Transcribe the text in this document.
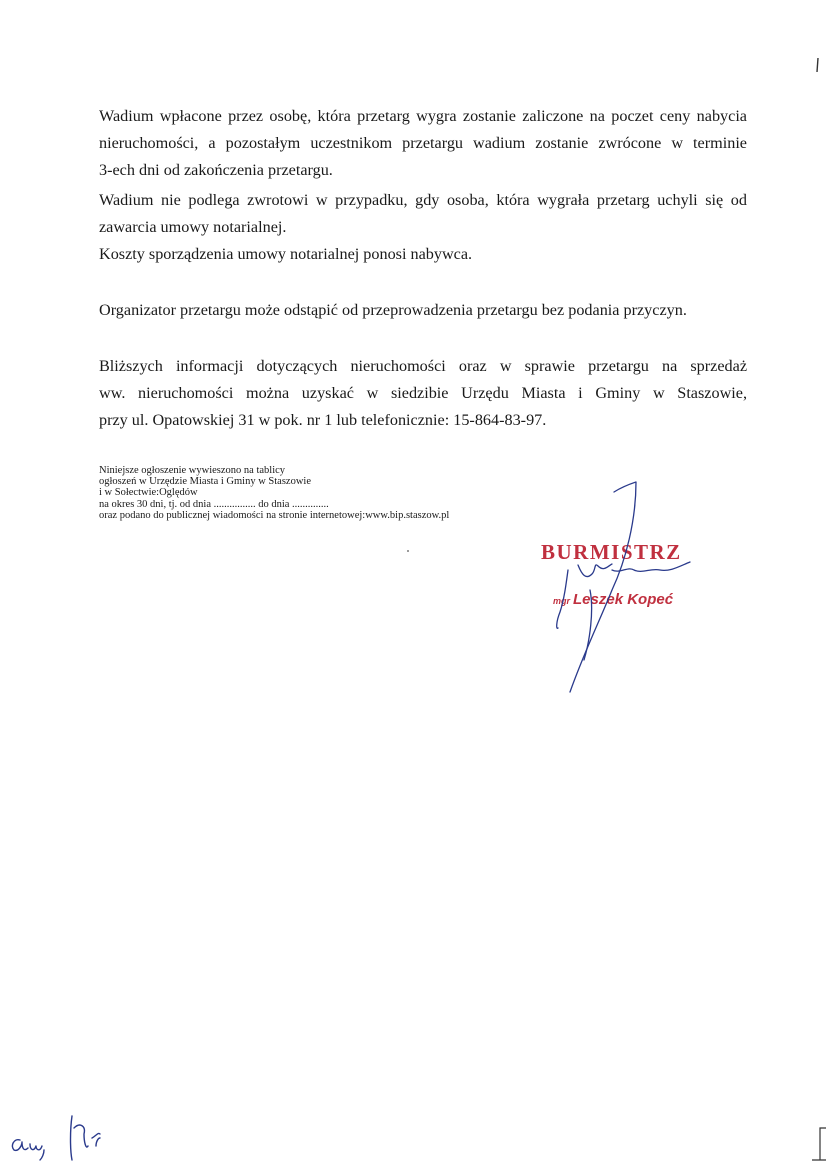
Wadium wpłacone przez osobę, która przetarg wygra zostanie zaliczone na poczet ceny nabycia
nieruchomości, a pozostałym uczestnikom przetargu wadium zostanie zwrócone w terminie
3-ech dni od zakończenia przetargu.

Wadium nie podlega zwrotowi w przypadku, gdy osoba, która wygrała przetarg uchyli się od
zawarcia umowy notarialnej.

Koszty sporządzenia umowy notarialnej ponosi nabywca.

Organizator przetargu może odstąpić od przeprowadzenia przetargu bez podania przyczyn.

Bliższych informacji dotyczących nieruchomości oraz w sprawie przetargu na sprzedaż
ww. nieruchomości można uzyskać w siedzibie Urzędu Miasta i Gminy w Staszowie,
przy ul. Opatowskiej 31 w pok. nr 1 lub telefonicznie: 15-864-83-97.

Niniejsze ogłoszenie wywieszono na tablicy
ogłoszeń w Urzędzie Miasta i Gminy w Staszowie
i w Sołectwie:Oględów
na okres 30 dni, tj. od dnia ................ do dnia ..............
oraz podano do publicznej wiadomości na stronie internetowej:www.bip.staszow.pl
BURMISTRZ
mgr Leszek Kopeć
